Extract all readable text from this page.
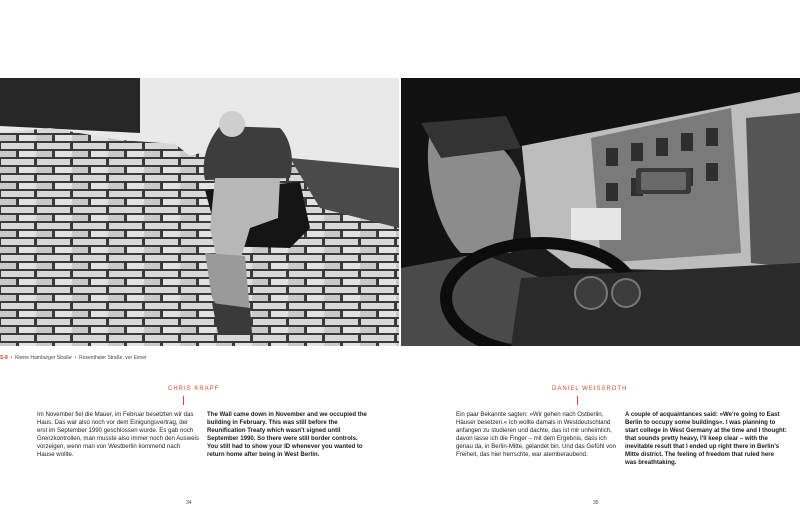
S-8  •  Kleine Hamburger Straße  •  Rosenthaler Straße, vor Eimer
CHRIS KRAPF
Im November fiel die Mauer, im Februar besetzten wir das Haus. Das war also noch vor dem Einigungsvertrag, der erst im September 1990 geschlossen wurde. Es gab noch Grenzkontrollen, man musste also immer noch den Ausweis vorzeigen, wenn man von Westberlin kommend nach Hause wollte.
The Wall came down in November and we occupied the building in February. This was still before the Reunification Treaty which wasn't signed until September 1990. So there were still border controls. You still had to show your ID whenever you wanted to return home after being in West Berlin.
34
DANIEL WEISSROTH
Ein paar Bekannte sagten: »Wir gehen nach Ostberlin, Häuser besetzen.« Ich wollte damals in Westdeutschland anfangen zu studieren und dachte, das ist mir unheimlich, davon lasse ich die Finger – mit dem Ergebnis, dass ich genau da, in Berlin-Mitte, gelandet bin. Und das Gefühl von Freiheit, das hier herrschte, war atemberaubend.
A couple of acquaintances said: »We're going to East Berlin to occupy some buildings«. I was planning to start college in West Germany at the time and I thought: that sounds pretty heavy, I'll keep clear – with the inevitable result that I ended up right there in Berlin's Mitte district. The feeling of freedom that ruled here was breathtaking.
35
